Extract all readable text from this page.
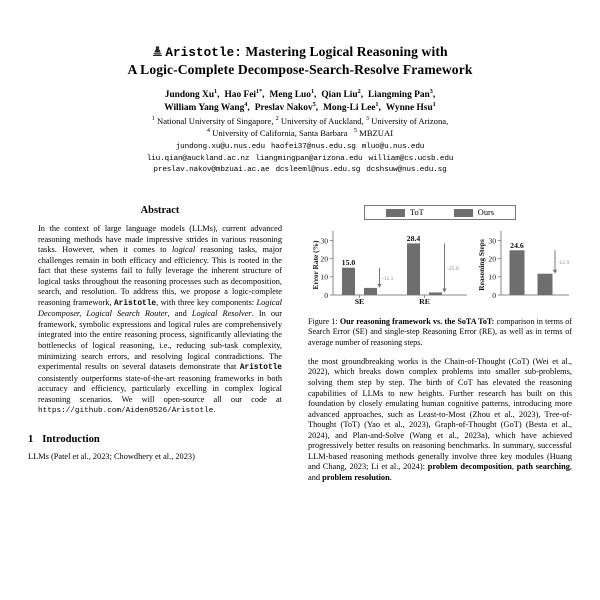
Aristotle: Mastering Logical Reasoning with
A Logic-Complete Decompose-Search-Resolve Framework
Jundong Xu$^1$, Hao Fei$^{1*}$, Meng Luo$^1$, Qian Liu$^2$, Liangming Pan$^3$,
William Yang Wang$^4$, Preslav Nakov$^5$, Mong-Li Lee$^1$, Wynne Hsu$^1$
$^1$ National University of Singapore, $^2$ University of Auckland, $^3$ University of Arizona,
$^4$ University of California, Santa Barbara $^5$ MBZUAI
jundong.xu@u.nus.edu haofei37@nus.edu.sg mluo@u.nus.edu
liu.qian@auckland.ac.nz liangmingpan@arizona.edu william@cs.ucsb.edu
preslav.nakov@mbzuai.ac.ae dcsleeml@nus.edu.sg dcshsuw@nus.edu.sg
Abstract

In the context of large language models (LLMs), current advanced reasoning methods have made impressive strides in various reasoning tasks. However, when it comes to logical reasoning tasks, major challenges remain in both efficacy and efficiency. This is rooted in the fact that these systems fail to fully leverage the inherent structure of logical tasks throughout the reasoning processes such as decomposition, search, and resolution. To address this, we propose a logic-complete reasoning framework, Aristotle, with three key components: Logical Decomposer, Logical Search Router, and Logical Resolver. In our framework, symbolic expressions and logical rules are comprehensively integrated into the entire reasoning process, significantly alleviating the bottlenecks of logical reasoning, i.e., reducing sub-task complexity, minimizing search errors, and resolving logical contradictions. The experimental results on several datasets demonstrate that Aristotle consistently outperforms state-of-the-art reasoning frameworks in both accuracy and efficiency, particularly excelling in complex logical reasoning scenarios. We will open-source all our code at https://github.com/Aiden0526/Aristotle.

1 Introduction

LLMs (Patel et al., 2023; Chowdhery et al., 2023)

ToT	Ours
0
10
20
30
Error Rate (%)	15.0
-11.1
SE
28.4
-25.0
RE
0
10
20
30
Reasoning Steps	24.6
-12.9
Figure 1: Our reasoning framework vs. the SoTA ToT: comparison in terms of Search Error (SE) and single-step Reasoning Error (RE), as well as in terms of average number of reasoning steps.

the most groundbreaking works is the Chain-of-Thought (CoT) (Wei et al., 2022), which breaks down complex problems into smaller sub-problems, solving them step by step. The birth of CoT has elevated the reasoning capabilities of LLMs to new heights. Further research has built on this foundation by closely emulating human cognitive patterns, introducing more advanced approaches, such as Least-to-Most (Zhou et al., 2023), Tree-of-Thought (ToT) (Yao et al., 2023), Graph-of-Thought (GoT) (Besta et al., 2024), and Plan-and-Solve (Wang et al., 2023a), which have achieved progressively better results on reasoning benchmarks. In summary, successful LLM-based reasoning methods generally involve three key modules (Huang and Chang, 2023; Li et al., 2024): problem decomposition, path searching, and problem resolution.
